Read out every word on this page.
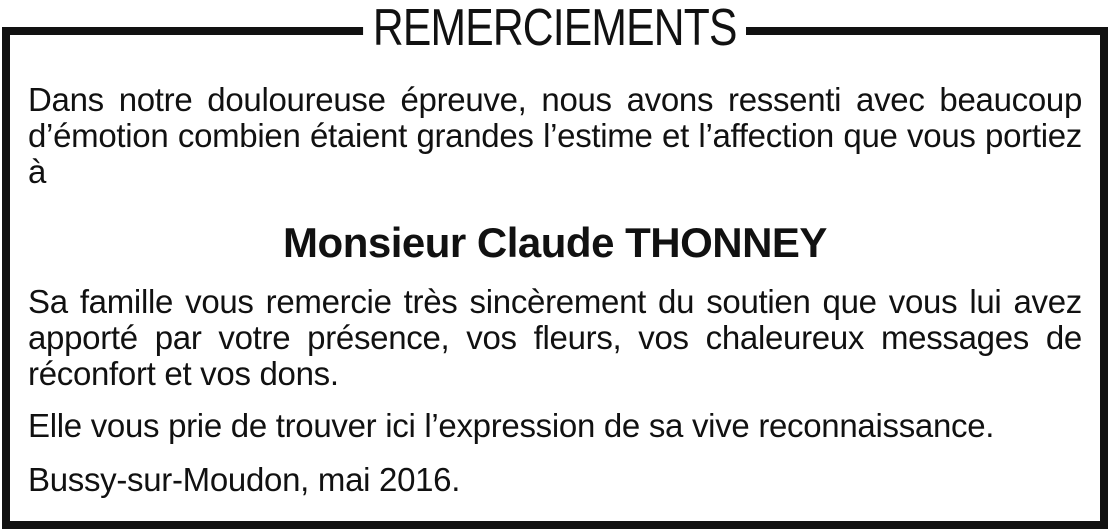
REMERCIEMENTS
Dans notre douloureuse épreuve, nous avons ressenti avec beaucoup d’émotion combien étaient grandes l’estime et l’affection que vous portiez à
Monsieur Claude THONNEY
Sa famille vous remercie très sincèrement du soutien que vous lui avez apporté par votre présence, vos fleurs, vos chaleureux messages de réconfort et vos dons.
Elle vous prie de trouver ici l’expression de sa vive reconnaissance.
Bussy-sur-Moudon, mai 2016.
